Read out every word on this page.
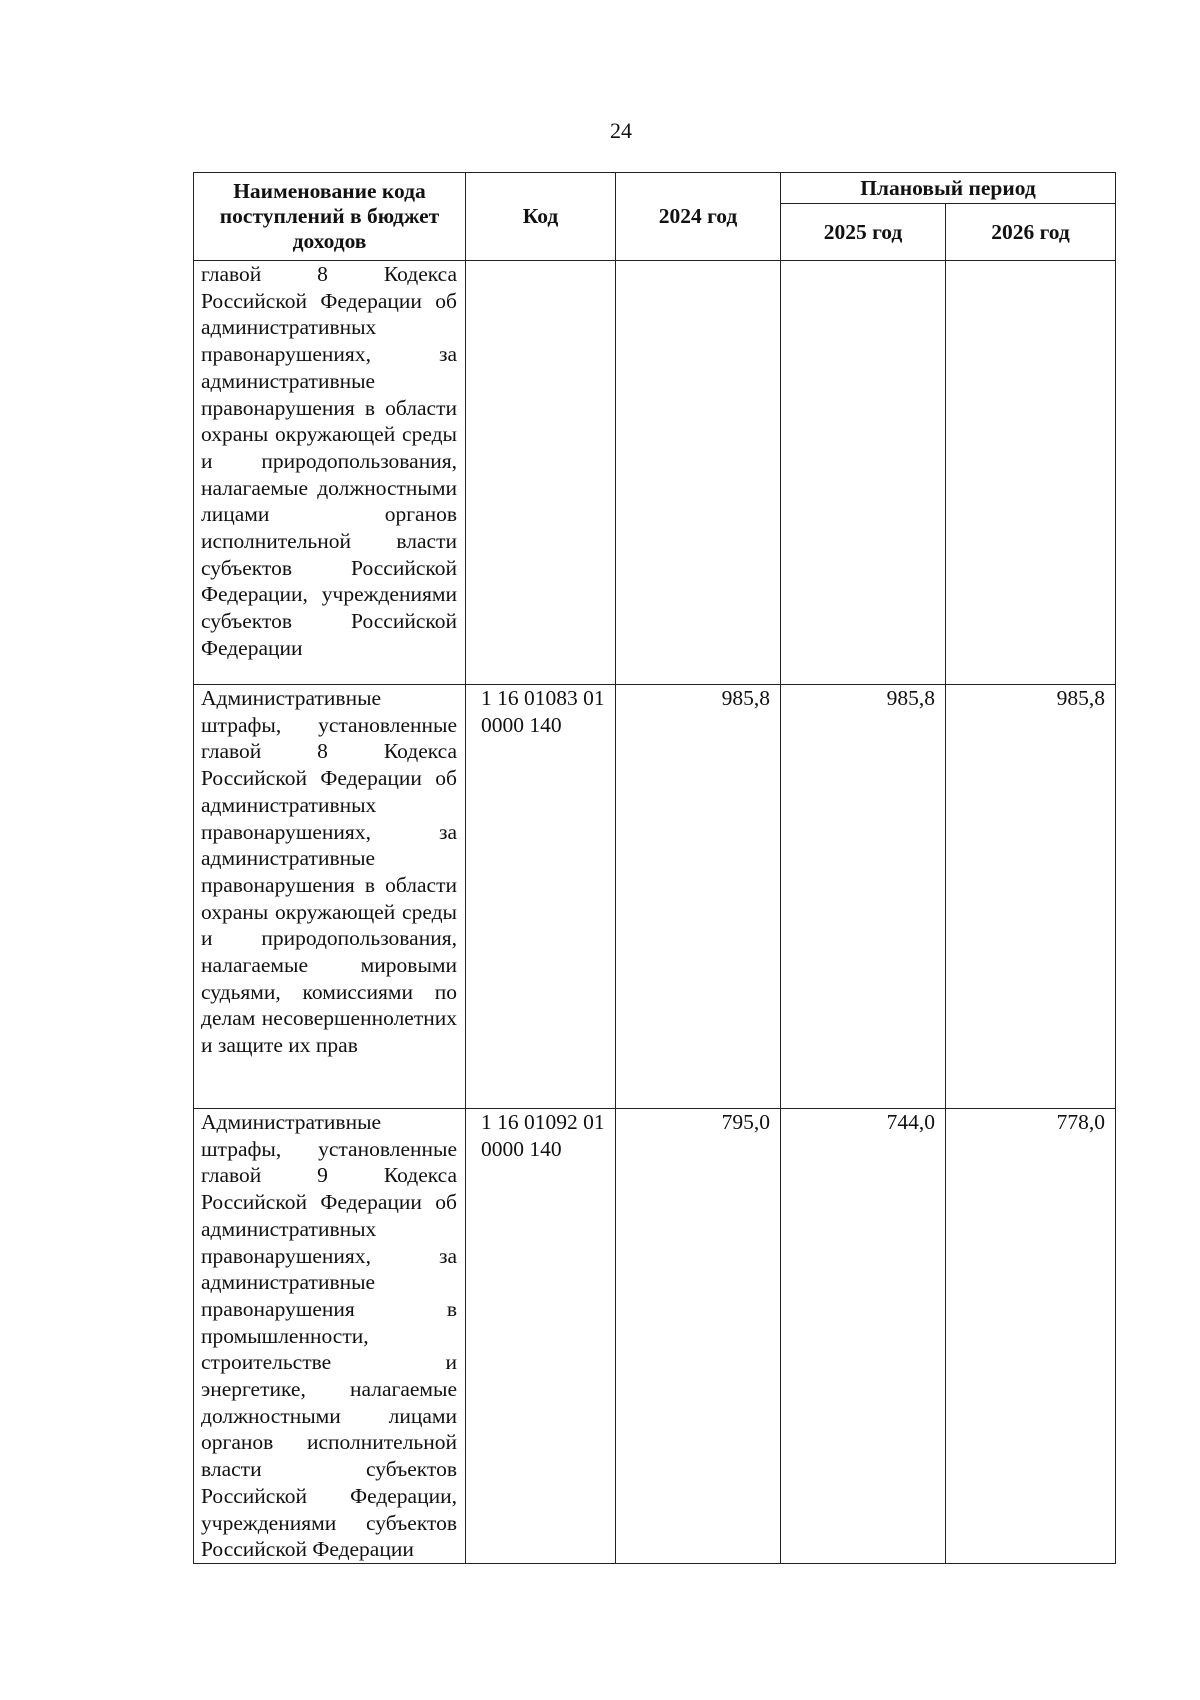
24
Наименование кода поступлений в бюджет доходов	Код	2024 год	Плановый период	
			2025 год	2026 год
главой 8 Кодекса Российской Федерации об административных правонарушениях, за административные правонарушения в области охраны окружающей среды и природопользования, налагаемые должностными лицами органов исполнительной власти субъектов Российской Федерации, учреждениями субъектов Российской Федерации				
Административные штрафы, установленные главой 8 Кодекса Российской Федерации об административных правонарушениях, за административные правонарушения в области охраны окружающей среды и природопользования, налагаемые мировыми судьями, комиссиями по делам несовершеннолетних и защите их прав	1 16 01083 01 0000 140	985,8	985,8	985,8
Административные штрафы, установленные главой 9 Кодекса Российской Федерации об административных правонарушениях, за административные правонарушения в промышленности, строительстве и энергетике, налагаемые должностными лицами органов исполнительной власти субъектов Российской Федерации, учреждениями субъектов Российской Федерации	1 16 01092 01 0000 140	795,0	744,0	778,0
